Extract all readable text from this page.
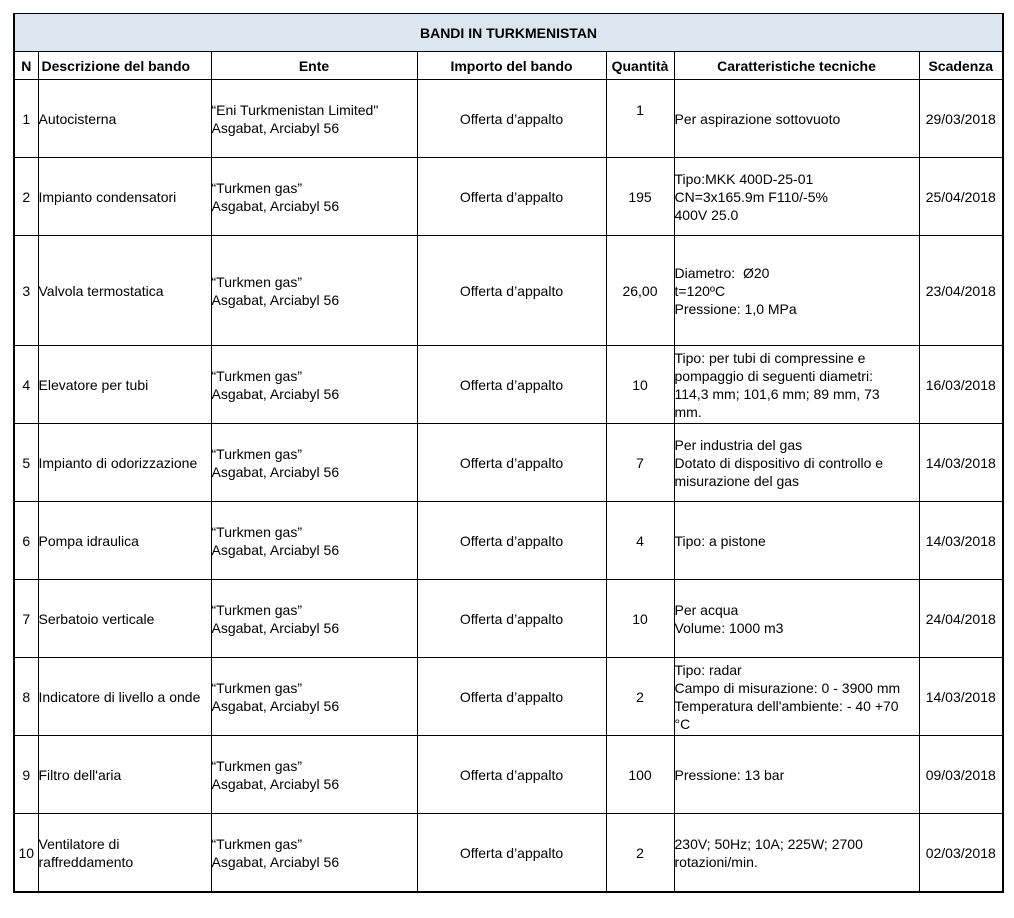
BANDI IN TURKMENISTAN						
N	Descrizione del bando	Ente	Importo del bando	Quantità	Caratteristiche tecniche	Scadenza
1	Autocisterna	“Eni Turkmenistan Limited"
Asgabat, Arciabyl 56	Offerta d’appalto	1	Per aspirazione sottovuoto	29/03/2018
2	Impianto condensatori	“Turkmen gas”
Asgabat, Arciabyl 56	Offerta d’appalto	195	Tipo:MKK 400D-25-01
CN=3x165.9m F110/-5%
400V 25.0	25/04/2018
3	Valvola termostatica	“Turkmen gas”
Asgabat, Arciabyl 56	Offerta d’appalto	26,00	Diametro:  Ø20
t=120ºC
Pressione: 1,0 MPa	23/04/2018
4	Elevatore per tubi	“Turkmen gas”
Asgabat, Arciabyl 56	Offerta d’appalto	10	Tipo: per tubi di compressine e
pompaggio di seguenti diametri:
114,3 mm; 101,6 mm; 89 mm, 73
mm.	16/03/2018
5	Impianto di odorizzazione	“Turkmen gas”
Asgabat, Arciabyl 56	Offerta d’appalto	7	Per industria del gas
Dotato di dispositivo di controllo e
misurazione del gas	14/03/2018
6	Pompa idraulica	“Turkmen gas”
Asgabat, Arciabyl 56	Offerta d’appalto	4	Tipo: a pistone	14/03/2018
7	Serbatoio verticale	“Turkmen gas”
Asgabat, Arciabyl 56	Offerta d’appalto	10	Per acqua
Volume: 1000 m3	24/04/2018
8	Indicatore di livello a onde	“Turkmen gas”
Asgabat, Arciabyl 56	Offerta d’appalto	2	Tipo: radar
Campo di misurazione: 0 - 3900 mm
Temperatura dell'ambiente: - 40 +70
°C	14/03/2018
9	Filtro dell'aria	“Turkmen gas”
Asgabat, Arciabyl 56	Offerta d’appalto	100	Pressione: 13 bar	09/03/2018
10	Ventilatore di
raffreddamento	“Turkmen gas”
Asgabat, Arciabyl 56	Offerta d’appalto	2	230V; 50Hz; 10A; 225W; 2700
rotazioni/min.	02/03/2018
